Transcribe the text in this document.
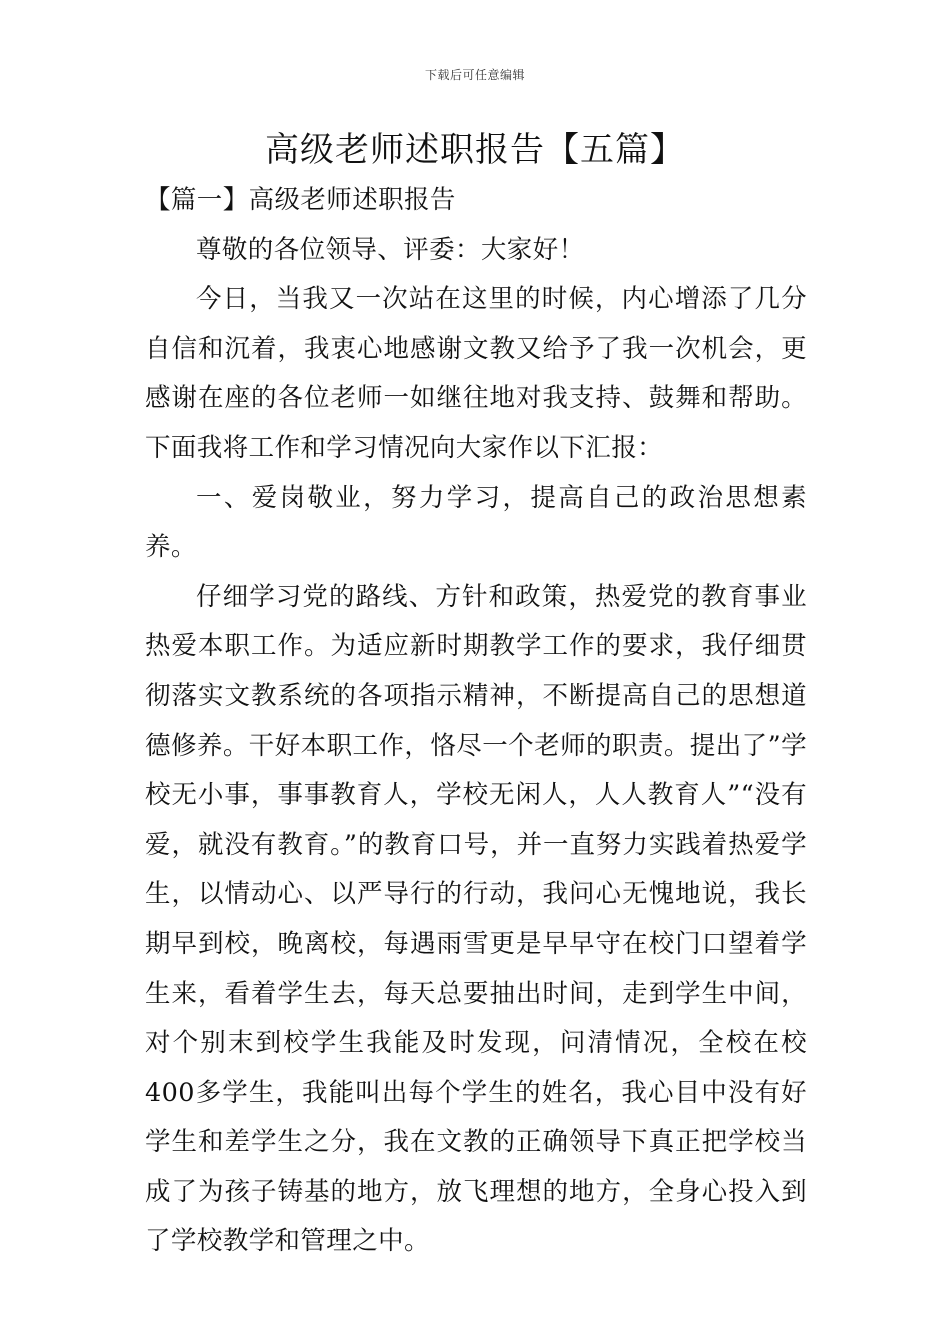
下载后可任意编辑
高级老师述职报告【五篇】
【篇一】高级老师述职报告

尊敬的各位领导、评委：大家好！

今日，当我又一次站在这里的时候，内心增添了几分自信和沉着，我衷心地感谢文教又给予了我一次机会，更感谢在座的各位老师一如继往地对我支持、鼓舞和帮助。下面我将工作和学习情况向大家作以下汇报：

一、爱岗敬业，努力学习，提高自己的政治思想素养。

仔细学习党的路线、方针和政策，热爱党的教育事业热爱本职工作。为适应新时期教学工作的要求，我仔细贯彻落实文教系统的各项指示精神，不断提高自己的思想道德修养。干好本职工作，恪尽一个老师的职责。提出了”学校无小事，事事教育人，学校无闲人，人人教育人”“没有爱，就没有教育。”的教育口号，并一直努力实践着热爱学生，以情动心、以严导行的行动，我问心无愧地说，我长期早到校，晚离校，每遇雨雪更是早早守在校门口望着学生来，看着学生去，每天总要抽出时间，走到学生中间，对个别末到校学生我能及时发现，问清情况，全校在校400多学生，我能叫出每个学生的姓名，我心目中没有好学生和差学生之分，我在文教的正确领导下真正把学校当成了为孩子铸基的地方，放飞理想的地方，全身心投入到了学校教学和管理之中。
